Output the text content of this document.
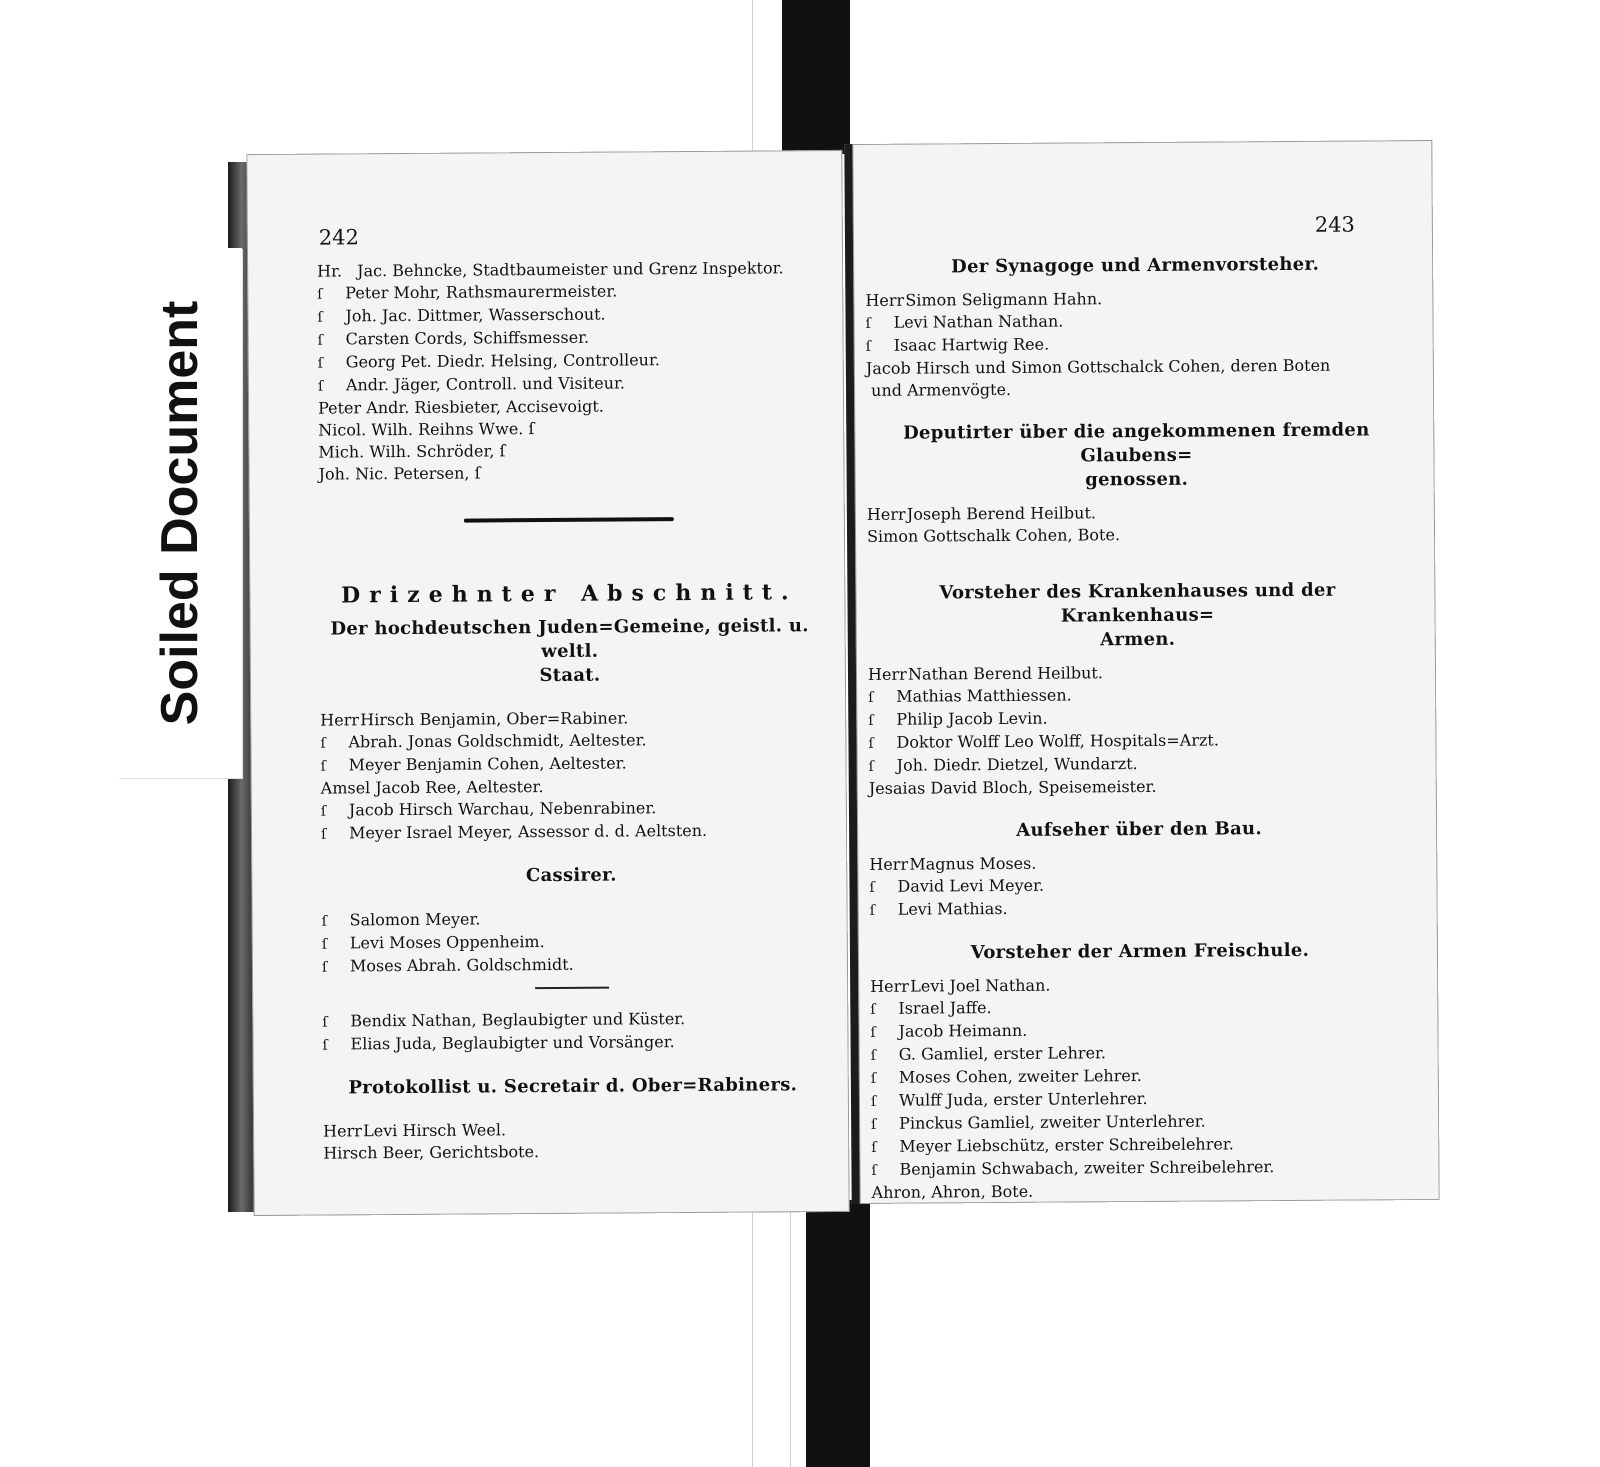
242
Hr. Jac. Behncke, Stadtbaumeister und Grenz Inspektor.
ſ Peter Mohr, Rathsmaurermeister.
ſ Joh. Jac. Dittmer, Wasserschout.
ſ Carsten Cords, Schiffsmesser.
ſ Georg Pet. Diedr. Helsing, Controlleur.
ſ Andr. Jäger, Controll. und Visiteur.
Peter Andr. Riesbieter, Accisevoigt.
Nicol. Wilh. Reihns Wwe. ſ
Mich. Wilh. Schröder, ſ
Joh. Nic. Petersen, ſ
Drizehnter Abschnitt.
Der hochdeutschen Juden=Gemeine, geistl. u. weltl.
Staat.
HerrHirsch Benjamin, Ober=Rabiner.
ſ Abrah. Jonas Goldschmidt, Aeltester.
ſ Meyer Benjamin Cohen, Aeltester.
Amsel Jacob Ree, Aeltester.
ſ Jacob Hirsch Warchau, Nebenrabiner.
ſ Meyer Israel Meyer, Assessor d. d. Aeltsten.
Cassirer.
ſ Salomon Meyer.
ſ Levi Moses Oppenheim.
ſ Moses Abrah. Goldschmidt.
ſ Bendix Nathan, Beglaubigter und Küster.
ſ Elias Juda, Beglaubigter und Vorsänger.
Protokollist u. Secretair d. Ober=Rabiners.
HerrLevi Hirsch Weel.
Hirsch Beer, Gerichtsbote.
243
Der Synagoge und Armenvorsteher.
HerrSimon Seligmann Hahn.
ſ Levi Nathan Nathan.
ſ Isaac Hartwig Ree.
Jacob Hirsch und Simon Gottschalck Cohen, deren Boten
und Armenvögte.
Deputirter über die angekommenen fremden Glaubens=
genossen.
HerrJoseph Berend Heilbut.
Simon Gottschalk Cohen, Bote.
Vorsteher des Krankenhauses und der Krankenhaus=
Armen.
HerrNathan Berend Heilbut.
ſ Mathias Matthiessen.
ſ Philip Jacob Levin.
ſ Doktor Wolff Leo Wolff, Hospitals=Arzt.
ſ Joh. Diedr. Dietzel, Wundarzt.
Jesaias David Bloch, Speisemeister.
Aufseher über den Bau.
HerrMagnus Moses.
ſ David Levi Meyer.
ſ Levi Mathias.
Vorsteher der Armen Freischule.
HerrLevi Joel Nathan.
ſ Israel Jaffe.
ſ Jacob Heimann.
ſ G. Gamliel, erster Lehrer.
ſ Moses Cohen, zweiter Lehrer.
ſ Wulff Juda, erster Unterlehrer.
ſ Pinckus Gamliel, zweiter Unterlehrer.
ſ Meyer Liebschütz, erster Schreibelehrer.
ſ Benjamin Schwabach, zweiter Schreibelehrer.
Ahron, Ahron, Bote.
Soiled Document
